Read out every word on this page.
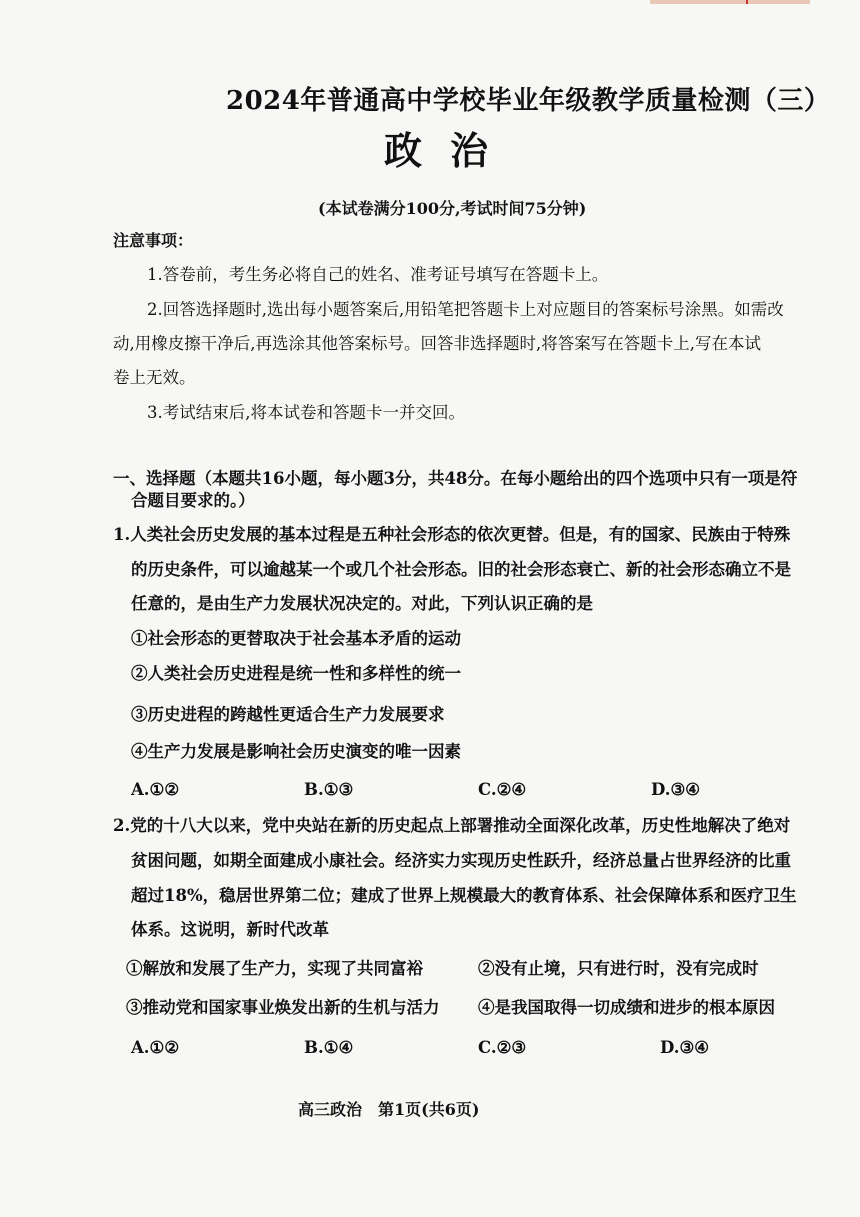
2024年普通高中学校毕业年级教学质量检测（三）
政治
(本试卷满分100分,考试时间75分钟)
注意事项：
1.答卷前，考生务必将自己的姓名、准考证号填写在答题卡上。
2.回答选择题时,选出每小题答案后,用铅笔把答题卡上对应题目的答案标号涂黑。如需改
动,用橡皮擦干净后,再选涂其他答案标号。回答非选择题时,将答案写在答题卡上,写在本试
卷上无效。
3.考试结束后,将本试卷和答题卡一并交回。
一、选择题（本题共16小题，每小题3分，共48分。在每小题给出的四个选项中只有一项是符
合题目要求的。）
1.人类社会历史发展的基本过程是五种社会形态的依次更替。但是，有的国家、民族由于特殊
的历史条件，可以逾越某一个或几个社会形态。旧的社会形态衰亡、新的社会形态确立不是
任意的，是由生产力发展状况决定的。对此，下列认识正确的是
①社会形态的更替取决于社会基本矛盾的运动
②人类社会历史进程是统一性和多样性的统一
③历史进程的跨越性更适合生产力发展要求
④生产力发展是影响社会历史演变的唯一因素
A.①②	B.①③	C.②④	D.③④
2.党的十八大以来，党中央站在新的历史起点上部署推动全面深化改革，历史性地解决了绝对
贫困问题，如期全面建成小康社会。经济实力实现历史性跃升，经济总量占世界经济的比重
超过18%，稳居世界第二位；建成了世界上规模最大的教育体系、社会保障体系和医疗卫生
体系。这说明，新时代改革
①解放和发展了生产力，实现了共同富裕	②没有止境，只有进行时，没有完成时
③推动党和国家事业焕发出新的生机与活力 ④是我国取得一切成绩和进步的根本原因
A.①②	B.①④	C.②③	D.③④
高三政治　第1页(共6页)
